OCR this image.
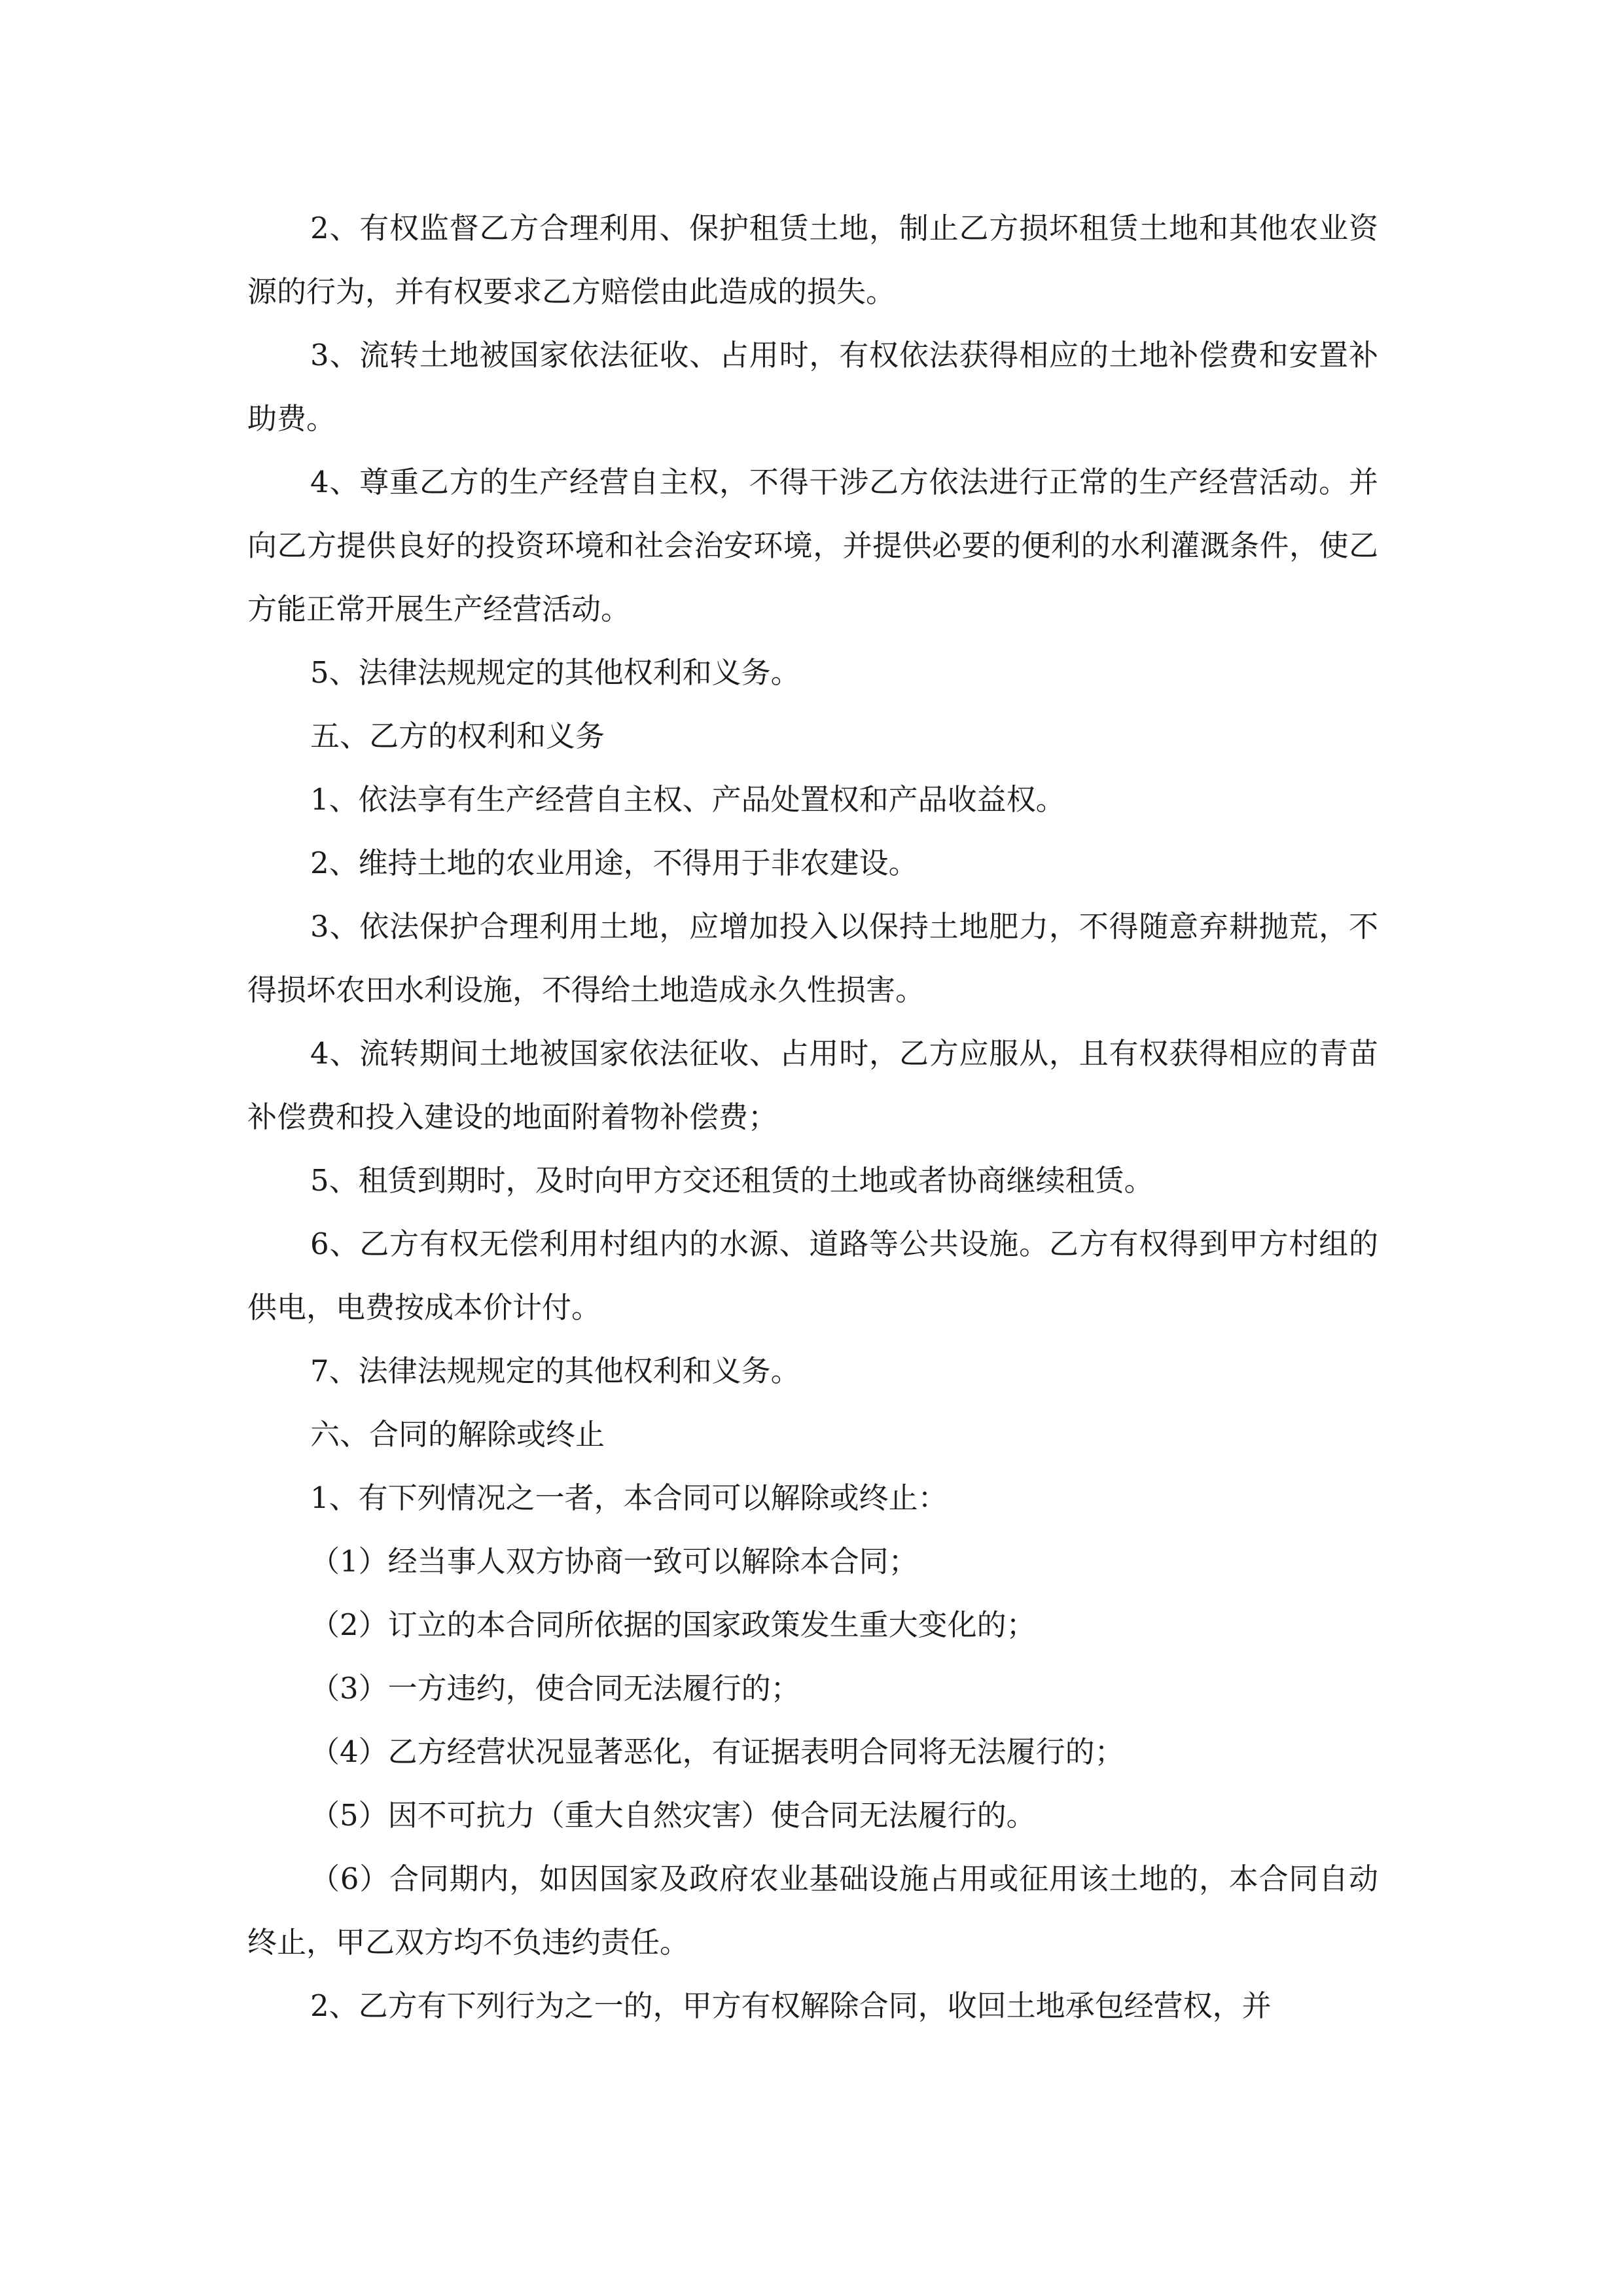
2、有权监督乙方合理利用、保护租赁土地，制止乙方损坏租赁土地和其他农业资源的行为，并有权要求乙方赔偿由此造成的损失。

3、流转土地被国家依法征收、占用时，有权依法获得相应的土地补偿费和安置补助费。

4、尊重乙方的生产经营自主权，不得干涉乙方依法进行正常的生产经营活动。并向乙方提供良好的投资环境和社会治安环境，并提供必要的便利的水利灌溉条件，使乙方能正常开展生产经营活动。

5、法律法规规定的其他权利和义务。

五、乙方的权利和义务

1、依法享有生产经营自主权、产品处置权和产品收益权。

2、维持土地的农业用途，不得用于非农建设。

3、依法保护合理利用土地，应增加投入以保持土地肥力，不得随意弃耕抛荒，不得损坏农田水利设施，不得给土地造成永久性损害。

4、流转期间土地被国家依法征收、占用时，乙方应服从，且有权获得相应的青苗补偿费和投入建设的地面附着物补偿费；

5、租赁到期时，及时向甲方交还租赁的土地或者协商继续租赁。

6、乙方有权无偿利用村组内的水源、道路等公共设施。乙方有权得到甲方村组的供电，电费按成本价计付。

7、法律法规规定的其他权利和义务。

六、合同的解除或终止

1、有下列情况之一者，本合同可以解除或终止：

（1）经当事人双方协商一致可以解除本合同；

（2）订立的本合同所依据的国家政策发生重大变化的；

（3）一方违约，使合同无法履行的；

（4）乙方经营状况显著恶化，有证据表明合同将无法履行的；

（5）因不可抗力（重大自然灾害）使合同无法履行的。

（6）合同期内，如因国家及政府农业基础设施占用或征用该土地的，本合同自动终止，甲乙双方均不负违约责任。

2、乙方有下列行为之一的，甲方有权解除合同，收回土地承包经营权，并
